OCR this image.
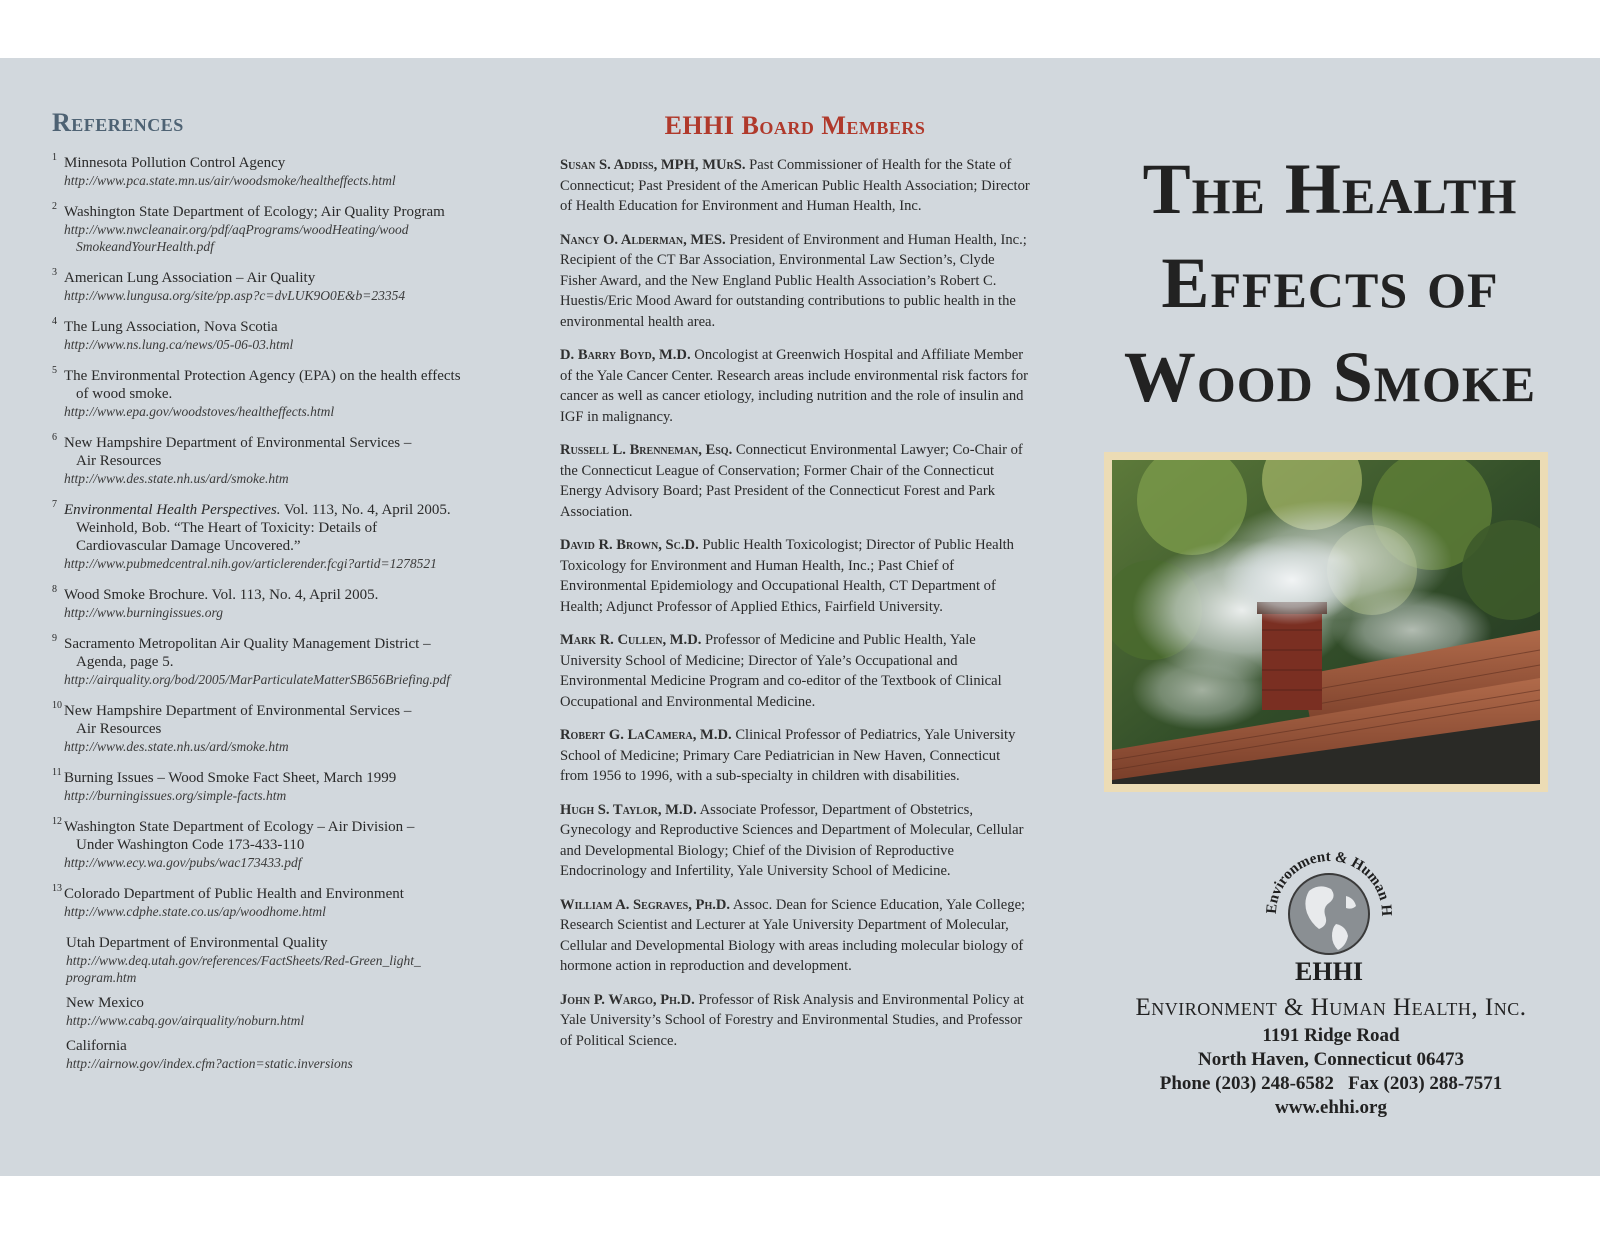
References
1 Minnesota Pollution Control Agency
http://www.pca.state.mn.us/air/woodsmoke/healtheffects.html
2 Washington State Department of Ecology; Air Quality Program
http://www.nwcleanair.org/pdf/aqPrograms/woodHeating/wood
SmokeandYourHealth.pdf
3 American Lung Association – Air Quality
http://www.lungusa.org/site/pp.asp?c=dvLUK9O0E&b=23354
4 The Lung Association, Nova Scotia
http://www.ns.lung.ca/news/05-06-03.html
5 The Environmental Protection Agency (EPA) on the health effects
of wood smoke.
http://www.epa.gov/woodstoves/healtheffects.html
6 New Hampshire Department of Environmental Services –
Air Resources
http://www.des.state.nh.us/ard/smoke.htm
7 Environmental Health Perspectives. Vol. 113, No. 4, April 2005.
Weinhold, Bob. “The Heart of Toxicity: Details of
Cardiovascular Damage Uncovered.”
http://www.pubmedcentral.nih.gov/articlerender.fcgi?artid=1278521
8 Wood Smoke Brochure. Vol. 113, No. 4, April 2005.
http://www.burningissues.org
9 Sacramento Metropolitan Air Quality Management District –
Agenda, page 5.
http://airquality.org/bod/2005/MarParticulateMatterSB656Briefing.pdf
10 New Hampshire Department of Environmental Services –
Air Resources
http://www.des.state.nh.us/ard/smoke.htm
11 Burning Issues – Wood Smoke Fact Sheet, March 1999
http://burningissues.org/simple-facts.htm
12 Washington State Department of Ecology – Air Division –
Under Washington Code 173-433-110
http://www.ecy.wa.gov/pubs/wac173433.pdf
13 Colorado Department of Public Health and Environment
http://www.cdphe.state.co.us/ap/woodhome.html
Utah Department of Environmental Quality
http://www.deq.utah.gov/references/FactSheets/Red-Green_light_
program.htm
New Mexico
http://www.cabq.gov/airquality/noburn.html
California
http://airnow.gov/index.cfm?action=static.inversions
EHHI Board Members

Susan S. Addiss, MPH, MUrS. Past Commissioner of Health for the State of Connecticut; Past President of the American Public Health Association; Director of Health Education for Environment and Human Health, Inc.

Nancy O. Alderman, MES. President of Environment and Human Health, Inc.; Recipient of the CT Bar Association, Environmental Law Section’s, Clyde Fisher Award, and the New England Public Health Association’s Robert C. Huestis/Eric Mood Award for outstanding contributions to public health in the environmental health area.

D. Barry Boyd, M.D. Oncologist at Greenwich Hospital and Affiliate Member of the Yale Cancer Center. Research areas include environmental risk factors for cancer as well as cancer etiology, including nutrition and the role of insulin and IGF in malignancy.

Russell L. Brenneman, Esq. Connecticut Environmental Lawyer; Co-Chair of the Connecticut League of Conservation; Former Chair of the Connecticut Energy Advisory Board; Past President of the Connecticut Forest and Park Association.

David R. Brown, Sc.D. Public Health Toxicologist; Director of Public Health Toxicology for Environment and Human Health, Inc.; Past Chief of Environmental Epidemiology and Occupational Health, CT Department of Health; Adjunct Professor of Applied Ethics, Fairfield University.

Mark R. Cullen, M.D. Professor of Medicine and Public Health, Yale University School of Medicine; Director of Yale’s Occupational and Environmental Medicine Program and co-editor of the Textbook of Clinical Occupational and Environmental Medicine.

Robert G. LaCamera, M.D. Clinical Professor of Pediatrics, Yale University School of Medicine; Primary Care Pediatrician in New Haven, Connecticut from 1956 to 1996, with a sub-specialty in children with disabilities.

Hugh S. Taylor, M.D. Associate Professor, Department of Obstetrics, Gynecology and Reproductive Sciences and Department of Molecular, Cellular and Developmental Biology; Chief of the Division of Reproductive Endocrinology and Infertility, Yale University School of Medicine.

William A. Segraves, Ph.D. Assoc. Dean for Science Education, Yale College; Research Scientist and Lecturer at Yale University Department of Molecular, Cellular and Developmental Biology with areas including molecular biology of hormone action in reproduction and development.

John P. Wargo, Ph.D. Professor of Risk Analysis and Environmental Policy at Yale University’s School of Forestry and Environmental Studies, and Professor of Political Science.

The Health
Effects of
Wood Smoke
Environment & Human H
EHHI
Environment & Human Health, Inc.
1191 Ridge Road
North Haven, Connecticut 06473
Phone (203) 248-6582   Fax (203) 288-7571
www.ehhi.org
